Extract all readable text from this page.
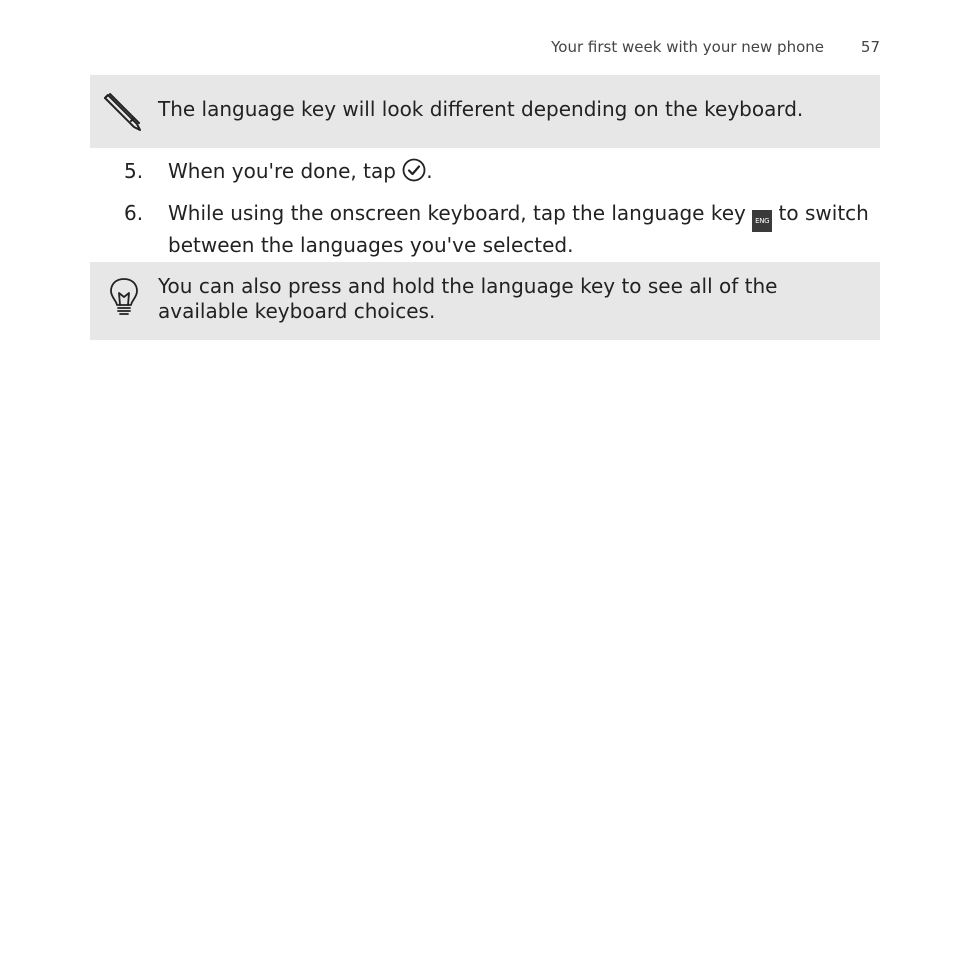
Your first week with your new phone 57
The language key will look different depending on the keyboard.
5. When you're done, tap .
6. While using the onscreen keyboard, tap the language key ENG to switch between the languages you've selected.
You can also press and hold the language key to see all of the available keyboard choices.
